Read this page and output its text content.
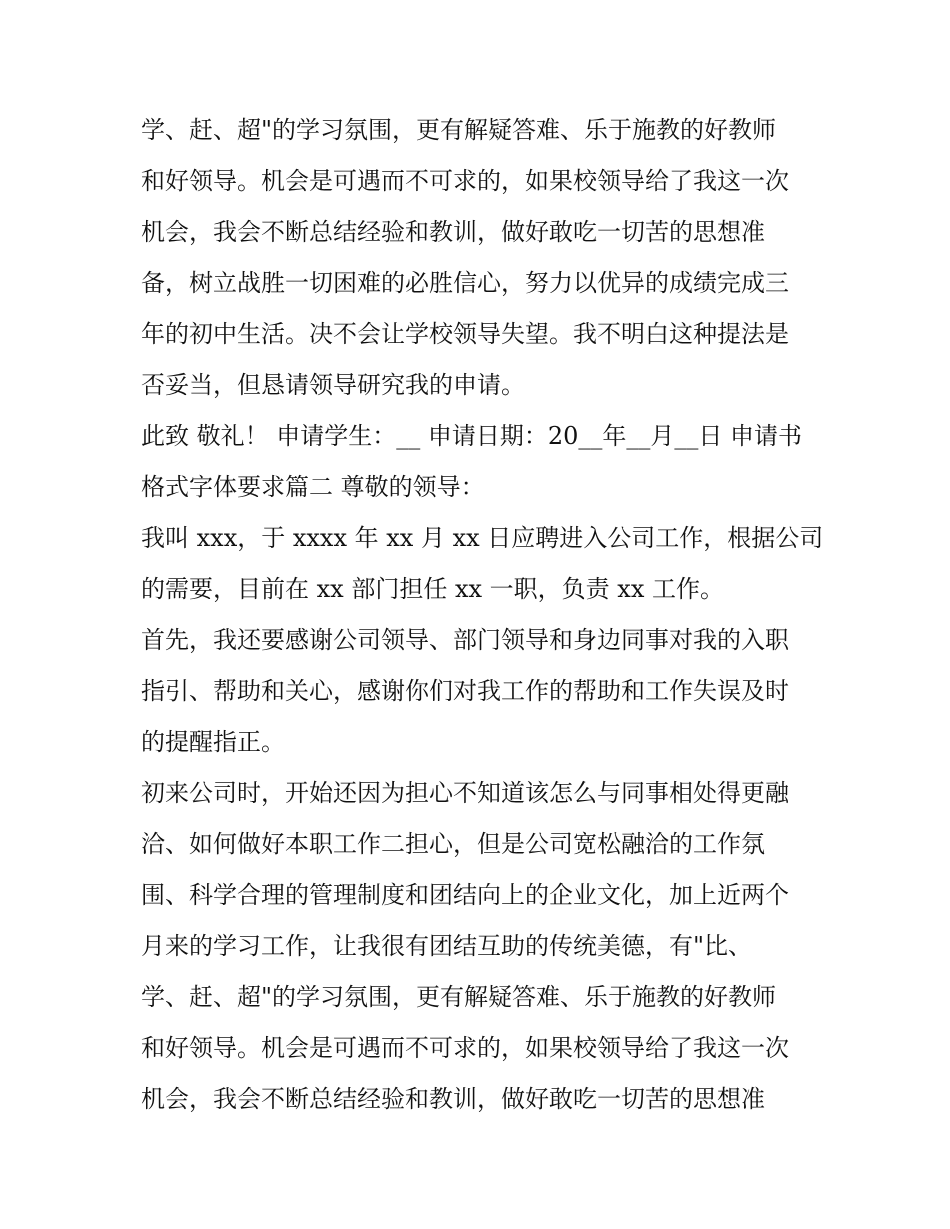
学、赶、超"的学习氛围，更有解疑答难、乐于施教的好教师
和好领导。机会是可遇而不可求的，如果校领导给了我这一次
机会，我会不断总结经验和教训，做好敢吃一切苦的思想准
备，树立战胜一切困难的必胜信心，努力以优异的成绩完成三
年的初中生活。决不会让学校领导失望。我不明白这种提法是
否妥当，但恳请领导研究我的申请。
此致 敬礼！ 申请学生：__ 申请日期：20__年__月__日 申请书
格式字体要求篇二 尊敬的领导：
我叫 xxx，于 xxxx 年 xx 月 xx 日应聘进入公司工作，根据公司
的需要，目前在 xx 部门担任 xx 一职，负责 xx 工作。
首先，我还要感谢公司领导、部门领导和身边同事对我的入职
指引、帮助和关心，感谢你们对我工作的帮助和工作失误及时
的提醒指正。
初来公司时，开始还因为担心不知道该怎么与同事相处得更融
洽、如何做好本职工作二担心，但是公司宽松融洽的工作氛
围、科学合理的管理制度和团结向上的企业文化，加上近两个
月来的学习工作，让我很有团结互助的传统美德，有"比、
学、赶、超"的学习氛围，更有解疑答难、乐于施教的好教师
和好领导。机会是可遇而不可求的，如果校领导给了我这一次
机会，我会不断总结经验和教训，做好敢吃一切苦的思想准
